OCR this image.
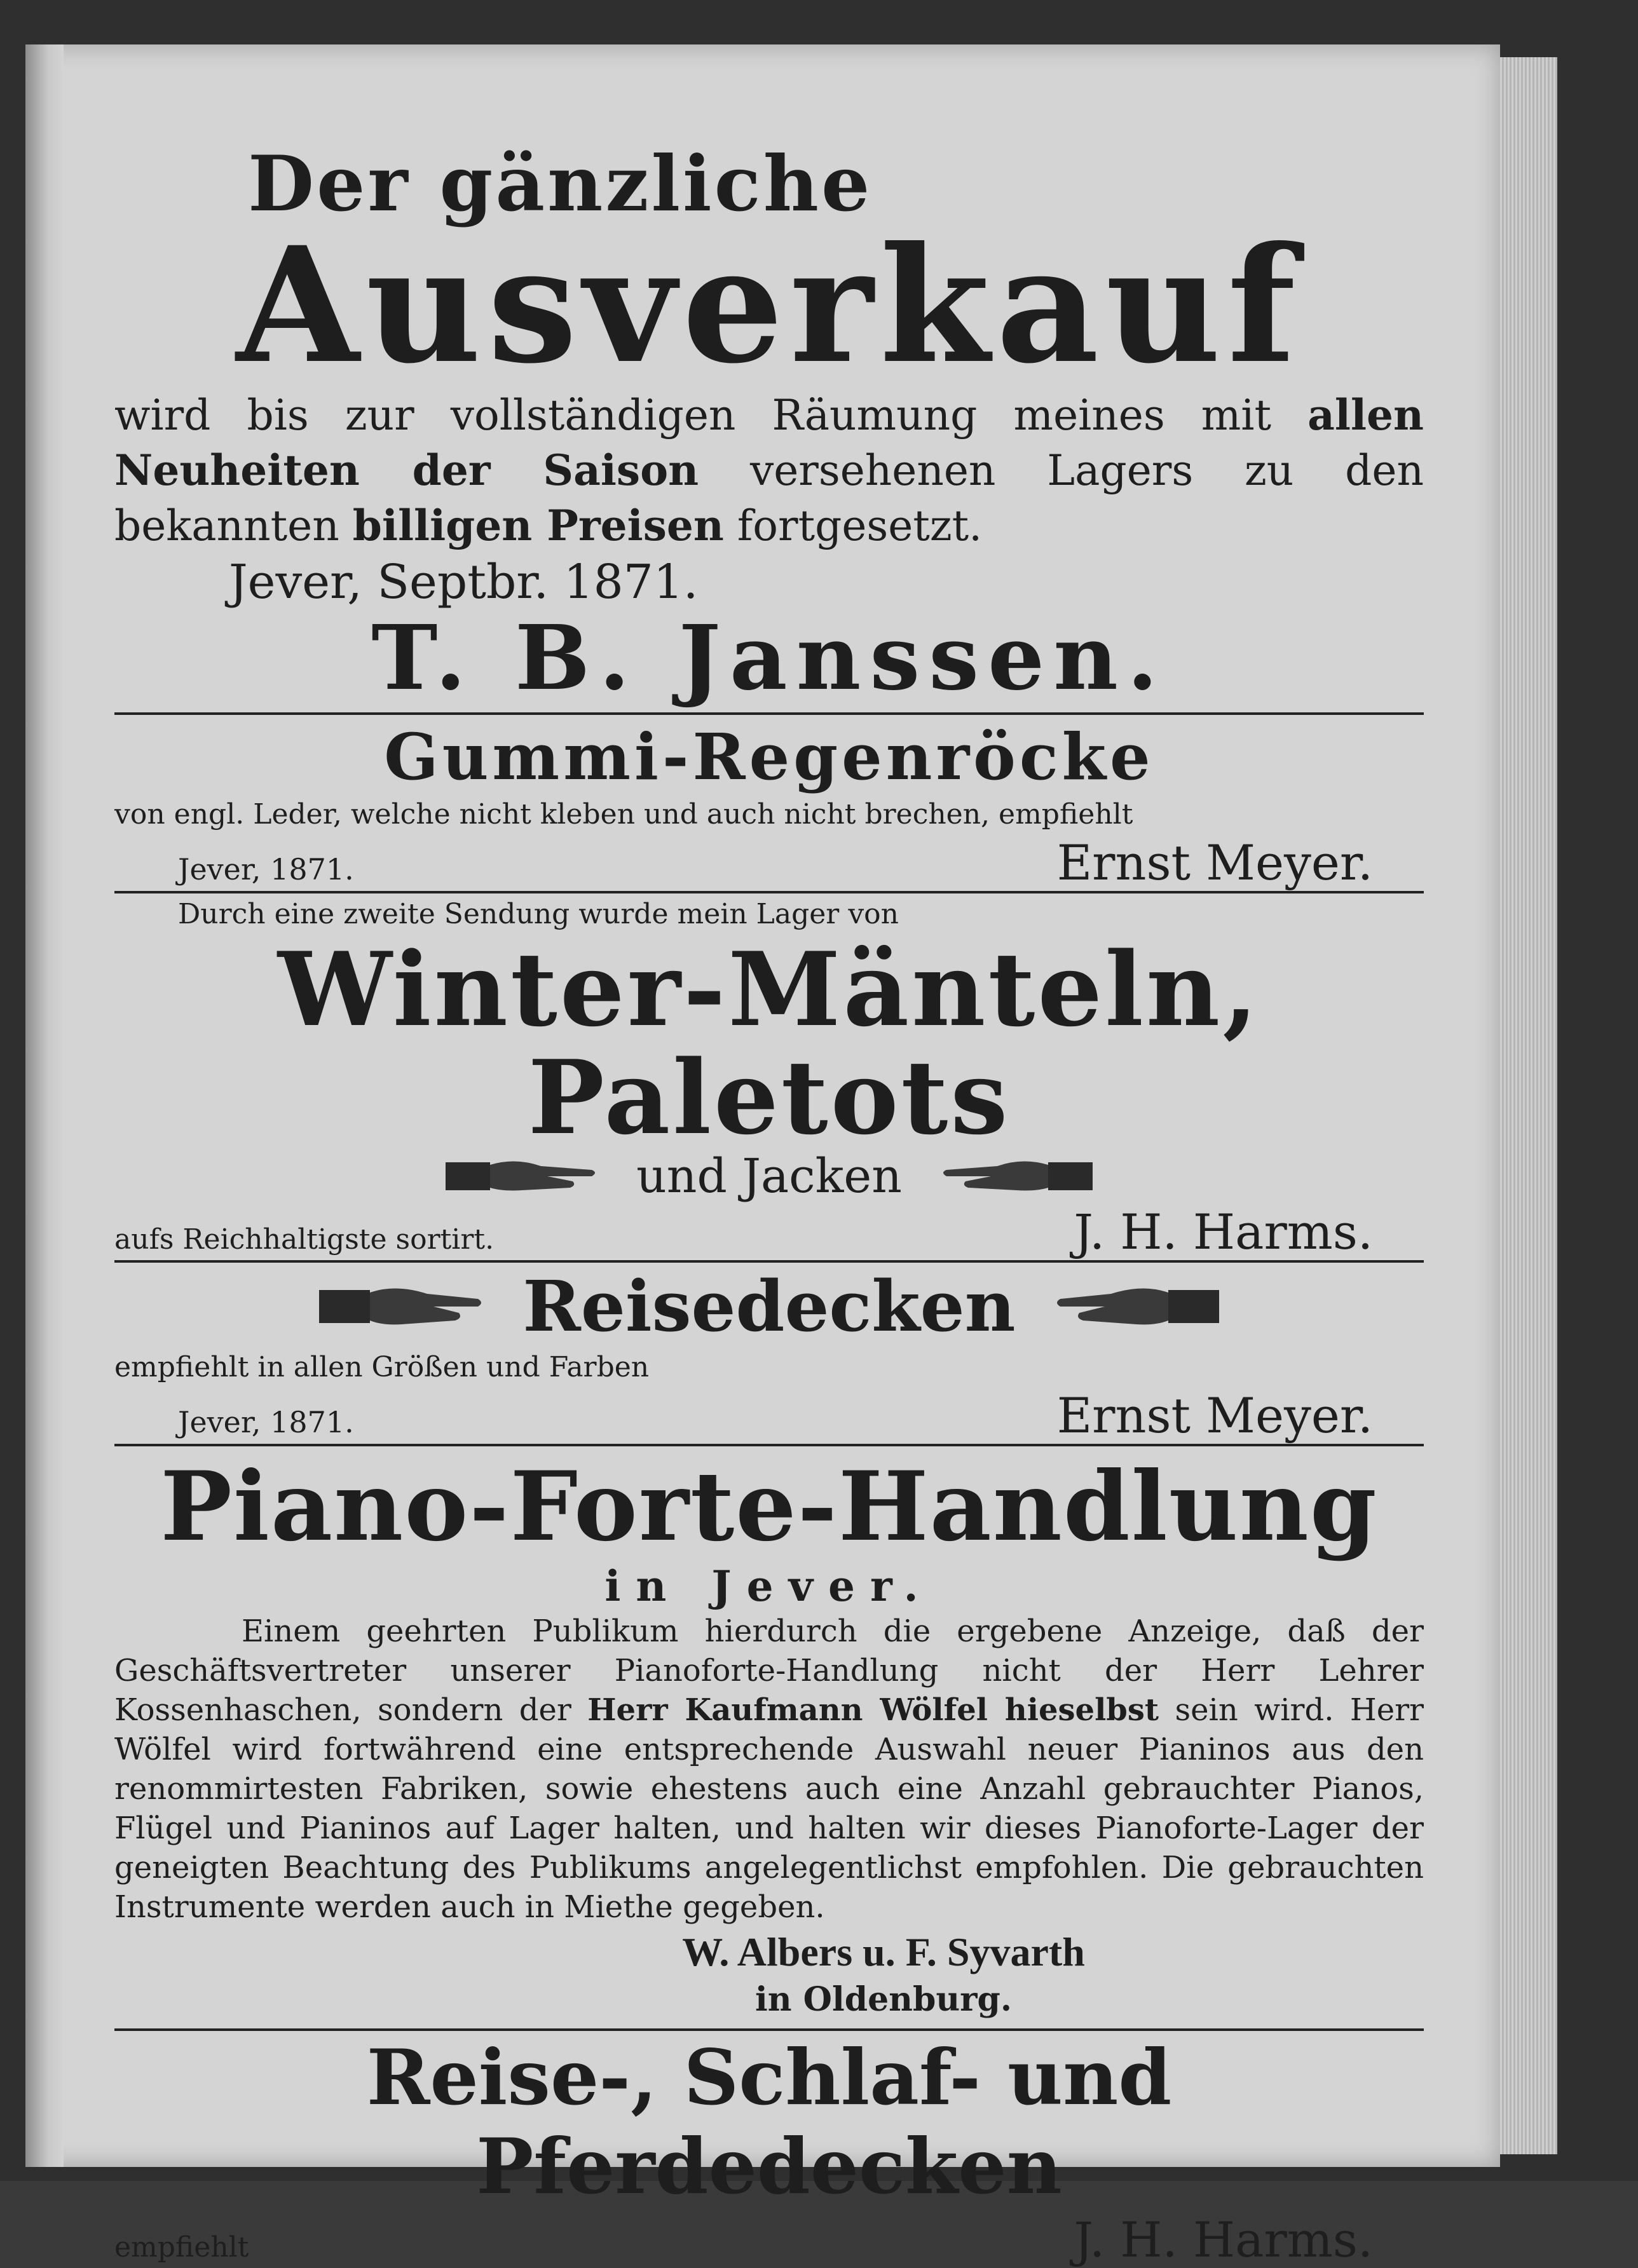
Der gänzliche
Ausverkauf
wird bis zur vollständigen Räumung meines mit allen Neuheiten der Saison versehenen Lagers zu den bekannten billigen Preisen fortgesetzt.
Jever, Septbr. 1871.
T. B. Janssen.
Gummi-Regenröcke
von engl. Leder, welche nicht kleben und auch nicht brechen, empfiehlt
Jever, 1871.	Ernst Meyer.
Durch eine zweite Sendung wurde mein Lager von
Winter-Mänteln, Paletots
und Jacken
aufs Reichhaltigste sortirt.	J. H. Harms.
Reisedecken
empfiehlt in allen Größen und Farben
Jever, 1871.	Ernst Meyer.
Piano-Forte-Handlung
in Jever.
Einem geehrten Publikum hierdurch die ergebene Anzeige, daß der Geschäftsvertreter unserer Pianoforte-Handlung nicht der Herr Lehrer Kossenhaschen, sondern der Herr Kaufmann Wölfel hieselbst sein wird. Herr Wölfel wird fortwährend eine entsprechende Auswahl neuer Pianinos aus den renommirtesten Fabriken, sowie ehestens auch eine Anzahl gebrauchter Pianos, Flügel und Pianinos auf Lager halten, und halten wir dieses Pianoforte-Lager der geneigten Beachtung des Publikums angelegentlichst empfohlen. Die gebrauchten Instrumente werden auch in Miethe gegeben.
W. Albers u. F. Syvarth
in Oldenburg.
Reise-, Schlaf- und Pferdedecken
empfiehlt	J. H. Harms.
